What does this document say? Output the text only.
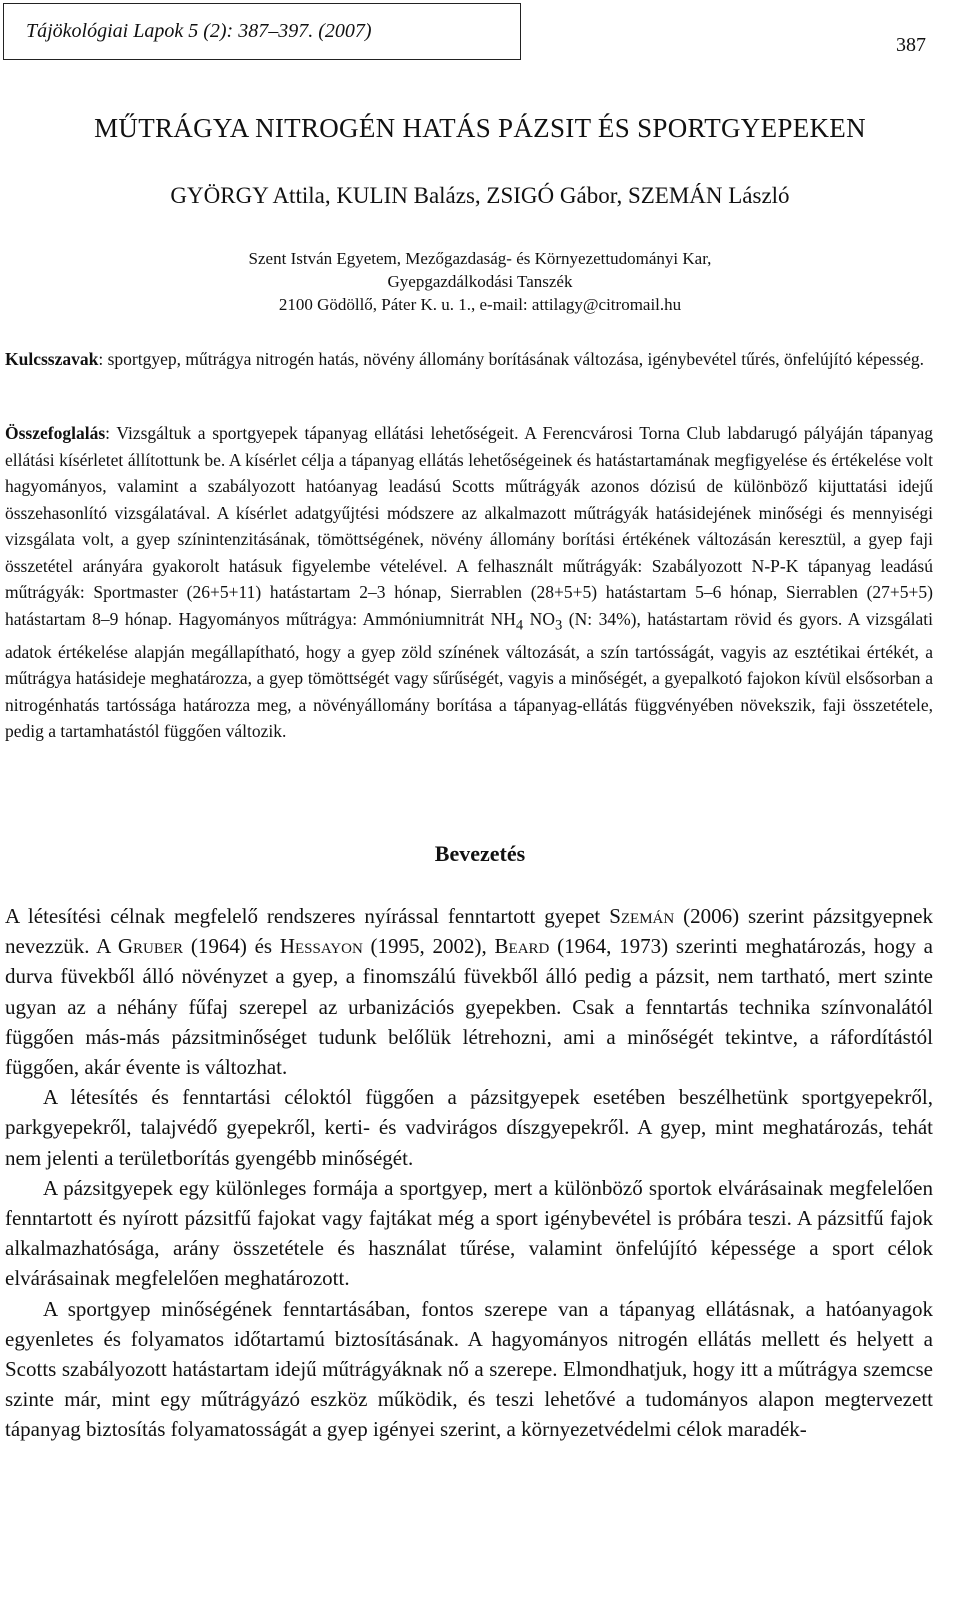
Tájökológiai Lapok 5 (2): 387–397. (2007)
387
MŰTRÁGYA NITROGÉN HATÁS PÁZSIT ÉS SPORTGYEPEKEN
GYÖRGY Attila, KULIN Balázs, ZSIGÓ Gábor, SZEMÁN László
Szent István Egyetem, Mezőgazdaság- és Környezettudományi Kar,
Gyepgazdálkodási Tanszék
2100 Gödöllő, Páter K. u. 1., e-mail: attilagy@citromail.hu
Kulcsszavak: sportgyep, műtrágya nitrogén hatás, növény állomány borításának változása, igénybevétel tűrés, önfelújító képesség.
Összefoglalás: Vizsgáltuk a sportgyepek tápanyag ellátási lehetőségeit. A Ferencvárosi Torna Club labdarugó pályáján tápanyag ellátási kísérletet állítottunk be. A kísérlet célja a tápanyag ellátás lehetőségeinek és hatástartamának megfigyelése és értékelése volt hagyományos, valamint a szabályozott hatóanyag leadású Scotts műtrágyák azonos dózisú de különböző kijuttatási idejű összehasonlító vizsgálatával. A kísérlet adatgyűjtési módszere az alkalmazott műtrágyák hatásidejének minőségi és mennyiségi vizsgálata volt, a gyep színintenzitásának, tömöttségének, növény állomány borítási értékének változásán keresztül, a gyep faji összetétel arányára gyakorolt hatásuk figyelembe vételével. A felhasznált műtrágyák: Szabályozott N-P-K tápanyag leadású műtrágyák: Sportmaster (26+5+11) hatástartam 2–3 hónap, Sierrablen (28+5+5) hatástartam 5–6 hónap, Sierrablen (27+5+5) hatástartam 8–9 hónap. Hagyományos műtrágya: Ammóniumnitrát $NH_4$ $NO_3$ (N: 34%), hatástartam rövid és gyors. A vizsgálati adatok értékelése alapján megállapítható, hogy a gyep zöld színének változását, a szín tartósságát, vagyis az esztétikai értékét, a műtrágya hatásideje meghatározza, a gyep tömöttségét vagy sűrűségét, vagyis a minőségét, a gyepalkotó fajokon kívül elsősorban a nitrogénhatás tartóssága határozza meg, a növényállomány borítása a tápanyag-ellátás függvényében növekszik, faji összetétele, pedig a tartamhatástól függően változik.
Bevezetés

A létesítési célnak megfelelő rendszeres nyírással fenntartott gyepet Szemán (2006) szerint pázsitgyepnek nevezzük. A Gruber (1964) és Hessayon (1995, 2002), Beard (1964, 1973) szerinti meghatározás, hogy a durva füvekből álló növényzet a gyep, a finomszálú füvekből álló pedig a pázsit, nem tartható, mert szinte ugyan az a néhány fűfaj szerepel az urbanizációs gyepekben. Csak a fenntartás technika színvonalától függően más-más pázsitminőséget tudunk belőlük létrehozni, ami a minőségét tekintve, a ráfordítástól függően, akár évente is változhat.

A létesítés és fenntartási céloktól függően a pázsitgyepek esetében beszélhetünk sportgyepekről, parkgyepekről, talajvédő gyepekről, kerti- és vadvirágos díszgyepekről. A gyep, mint meghatározás, tehát nem jelenti a területborítás gyengébb minőségét.

A pázsitgyepek egy különleges formája a sportgyep, mert a különböző sportok elvárásainak megfelelően fenntartott és nyírott pázsitfű fajokat vagy fajtákat még a sport igénybevétel is próbára teszi. A pázsitfű fajok alkalmazhatósága, arány összetétele és használat tűrése, valamint önfelújító képessége a sport célok elvárásainak megfelelően meghatározott.

A sportgyep minőségének fenntartásában, fontos szerepe van a tápanyag ellátásnak, a hatóanyagok egyenletes és folyamatos időtartamú biztosításának. A hagyományos nitrogén ellátás mellett és helyett a Scotts szabályozott hatástartam idejű műtrágyáknak nő a szerepe. Elmondhatjuk, hogy itt a műtrágya szemcse szinte már, mint egy műtrágyázó eszköz működik, és teszi lehetővé a tudományos alapon megtervezett tápanyag biztosítás folyamatosságát a gyep igényei szerint, a környezetvédelmi célok maradék-
